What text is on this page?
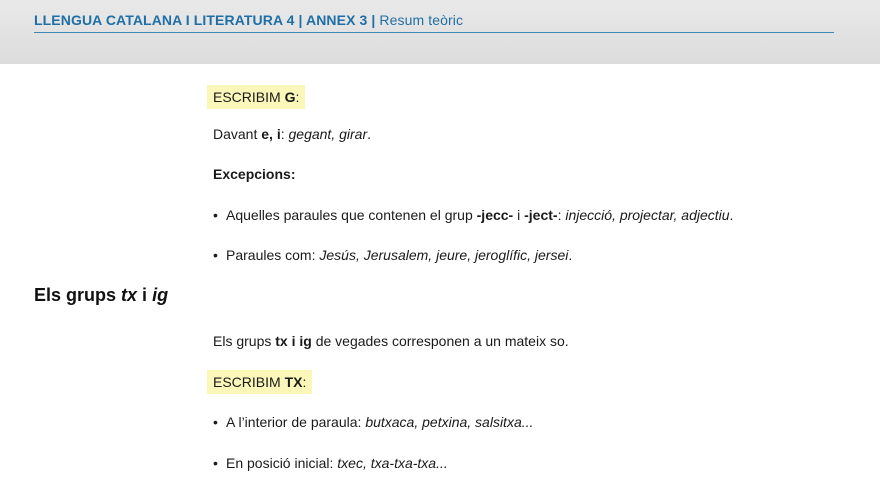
LLENGUA CATALANA I LITERATURA 4 | ANNEX 3 | Resum teòric
ESCRIBIM G:
Davant e, i: gegant, girar.
Excepcions:
• Aquelles paraules que contenen el grup -jecc- i -ject-: injecció, projectar, adjectiu.
• Paraules com: Jesús, Jerusalem, jeure, jeroglífic, jersei.
Els grups tx i ig
Els grups tx i ig de vegades corresponen a un mateix so.
ESCRIBIM TX:
• A l’interior de paraula: butxaca, petxina, salsitxa...
• En posició inicial: txec, txa-txa-txa...
